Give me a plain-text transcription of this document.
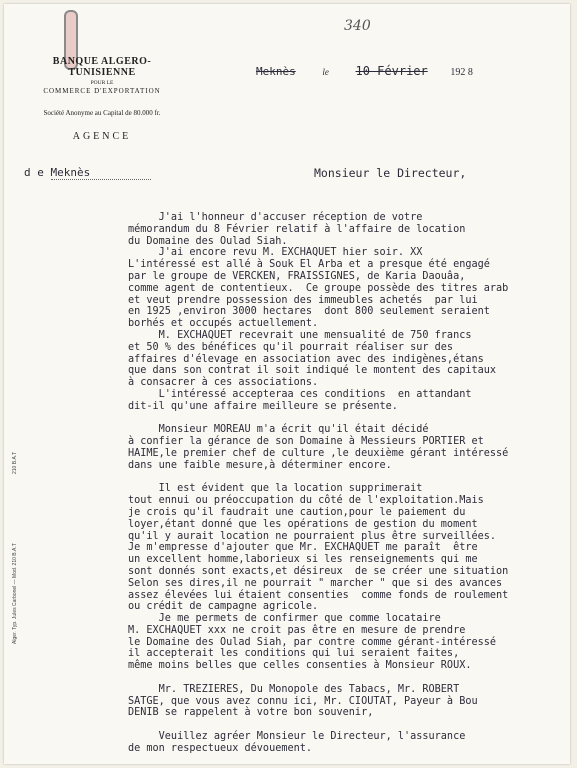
340
BANQUE ALGERO-TUNISIENNE
POUR LE
COMMERCE D'EXPORTATION
Société Anonyme au Capital de 80.000 fr.
AGENCE
d e Meknès
Meknès	le 10 Février 192 8
Monsieur le Directeur,
J'ai l'honneur d'accuser réception de votre
mémorandum du 8 Février relatif à l'affaire de location
du Domaine des Oulad Siah.
J'ai encore revu M. EXCHAQUET hier soir. XX
L'intéressé est allé à Souk El Arba et a presque été engagé
par le groupe de VERCKEN, FRAISSIGNES, de Karia Daouâa,
comme agent de contentieux.  Ce groupe possède des titres arab
et veut prendre possession des immeubles achetés  par lui
en 1925 ,environ 3000 hectares  dont 800 seulement seraient
borhés et occupés actuellement.
M. EXCHAQUET recevrait une mensualité de 750 francs
et 50 % des bénéfices qu'il pourrait réaliser sur des
affaires d'élevage en association avec des indigènes,étans
que dans son contrat il soit indiqué le montent des capitaux
à consacrer à ces associations.
L'intéressé accepteraa ces conditions  en attandant
dit-il qu'une affaire meilleure se présente.

Monsieur MOREAU m'a écrit qu'il était décidé
à confier la gérance de son Domaine à Messieurs PORTIER et
HAIME,le premier chef de culture ,le deuxième gérant intéressé
dans une faible mesure,à déterminer encore.

Il est évident que la location supprimerait
tout ennui ou préoccupation du côté de l'exploitation.Mais
je crois qu'il faudrait une caution,pour le paiement du
loyer,étant donné que les opérations de gestion du moment
qu'il y aurait location ne pourraient plus être surveillées.
Je m'empresse d'ajouter que Mr. EXCHAQUET me paraît  être
un excellent homme,laborieux si les renseignements qui me
sont donnés sont exacts,et désireux  de se créer une situation
Selon ses dires,il ne pourrait " marcher " que si des avances
assez élevées lui étaient consenties  comme fonds de roulement
ou crédit de campagne agricole.
Je me permets de confirmer que comme locataire
M. EXCHAQUET xxx ne croit pas être en mesure de prendre
le Domaine des Oulad Siah, par contre comme gérant-intéressé
il accepterait les conditions qui lui seraient faites,
même moins belles que celles consenties à Monsieur ROUX.

Mr. TREZIERES, Du Monopole des Tabacs, Mr. ROBERT
SATGE, que vous avez connu ici, Mr. CIOUTAT, Payeur à Bou
DENIB se rappelent à votre bon souvenir,

Veuillez agréer Monsieur le Directeur, l'assurance
de mon respectueux dévouement.
Alger. Typ. Jules Carbonel — Mod. 210 B.A.T
210 B.A.T
